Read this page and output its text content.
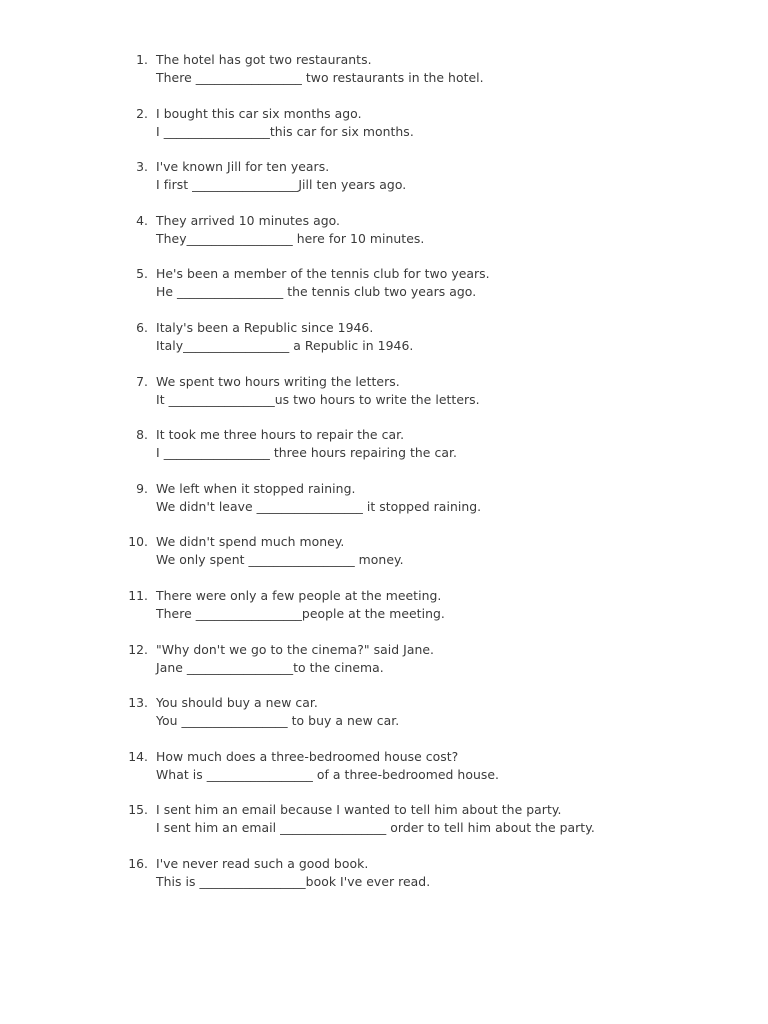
1. The hotel has got two restaurants.
There _________________ two restaurants in the hotel.
2. I bought this car six months ago.
I _________________this car for six months.
3. I've known Jill for ten years.
I first _________________Jill ten years ago.
4. They arrived 10 minutes ago.
They_________________ here for 10 minutes.
5. He's been a member of the tennis club for two years.
He _________________ the tennis club two years ago.
6. Italy's been a Republic since 1946.
Italy_________________ a Republic in 1946.
7. We spent two hours writing the letters.
It _________________us two hours to write the letters.
8. It took me three hours to repair the car.
I _________________ three hours repairing the car.
9. We left when it stopped raining.
We didn't leave _________________ it stopped raining.
10. We didn't spend much money.
We only spent _________________ money.
11. There were only a few people at the meeting.
There _________________people at the meeting.
12. "Why don't we go to the cinema?" said Jane.
Jane _________________to the cinema.
13. You should buy a new car.
You _________________ to buy a new car.
14. How much does a three-bedroomed house cost?
What is _________________ of a three-bedroomed house.
15. I sent him an email because I wanted to tell him about the party.
I sent him an email _________________ order to tell him about the party.
16. I've never read such a good book.
This is _________________book I've ever read.
